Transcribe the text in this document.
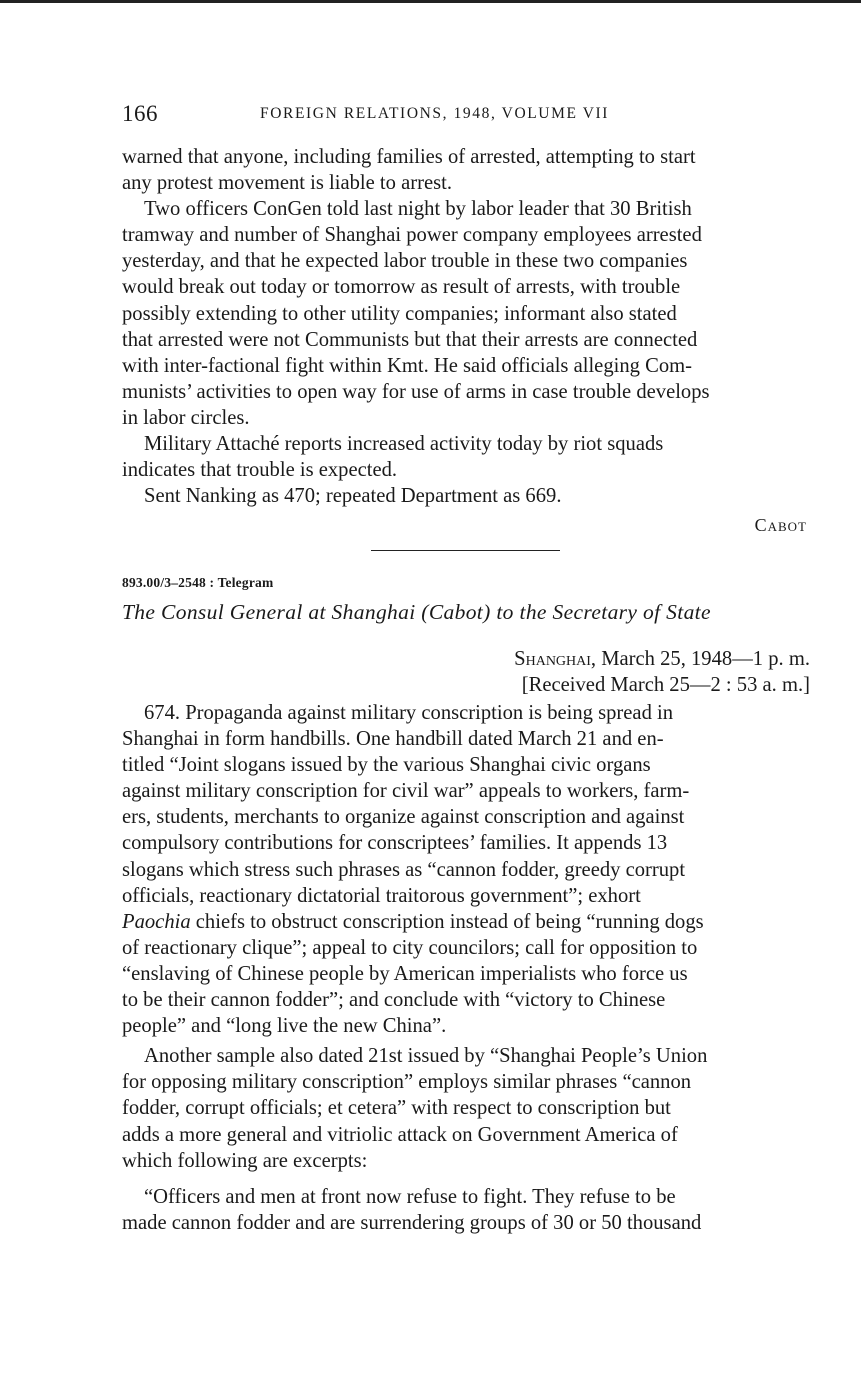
166	FOREIGN RELATIONS, 1948, VOLUME VII

warned that anyone, including families of arrested, attempting to start
any protest movement is liable to arrest.

Two officers ConGen told last night by labor leader that 30 British
tramway and number of Shanghai power company employees arrested
yesterday, and that he expected labor trouble in these two companies
would break out today or tomorrow as result of arrests, with trouble
possibly extending to other utility companies; informant also stated
that arrested were not Communists but that their arrests are connected
with inter-factional fight within Kmt. He said officials alleging Com-
munists’ activities to open way for use of arms in case trouble develops
in labor circles.

Military Attaché reports increased activity today by riot squads
indicates that trouble is expected.

Sent Nanking as 470; repeated Department as 669.

Cabot
893.00/3–2548 : Telegram
The Consul General at Shanghai (Cabot) to the Secretary of State
Shanghai, March 25, 1948—1 p. m.
[Received March 25—2 : 53 a. m.]

674. Propaganda against military conscription is being spread in
Shanghai in form handbills. One handbill dated March 21 and en-
titled “Joint slogans issued by the various Shanghai civic organs
against military conscription for civil war” appeals to workers, farm-
ers, students, merchants to organize against conscription and against
compulsory contributions for conscriptees’ families. It appends 13
slogans which stress such phrases as “cannon fodder, greedy corrupt
officials, reactionary dictatorial traitorous government”; exhort
Paochia chiefs to obstruct conscription instead of being “running dogs
of reactionary clique”; appeal to city councilors; call for opposition to
“enslaving of Chinese people by American imperialists who force us
to be their cannon fodder”; and conclude with “victory to Chinese
people” and “long live the new China”.

Another sample also dated 21st issued by “Shanghai People’s Union
for opposing military conscription” employs similar phrases “cannon
fodder, corrupt officials; et cetera” with respect to conscription but
adds a more general and vitriolic attack on Government America of
which following are excerpts:

“Officers and men at front now refuse to fight. They refuse to be
made cannon fodder and are surrendering groups of 30 or 50 thousand
